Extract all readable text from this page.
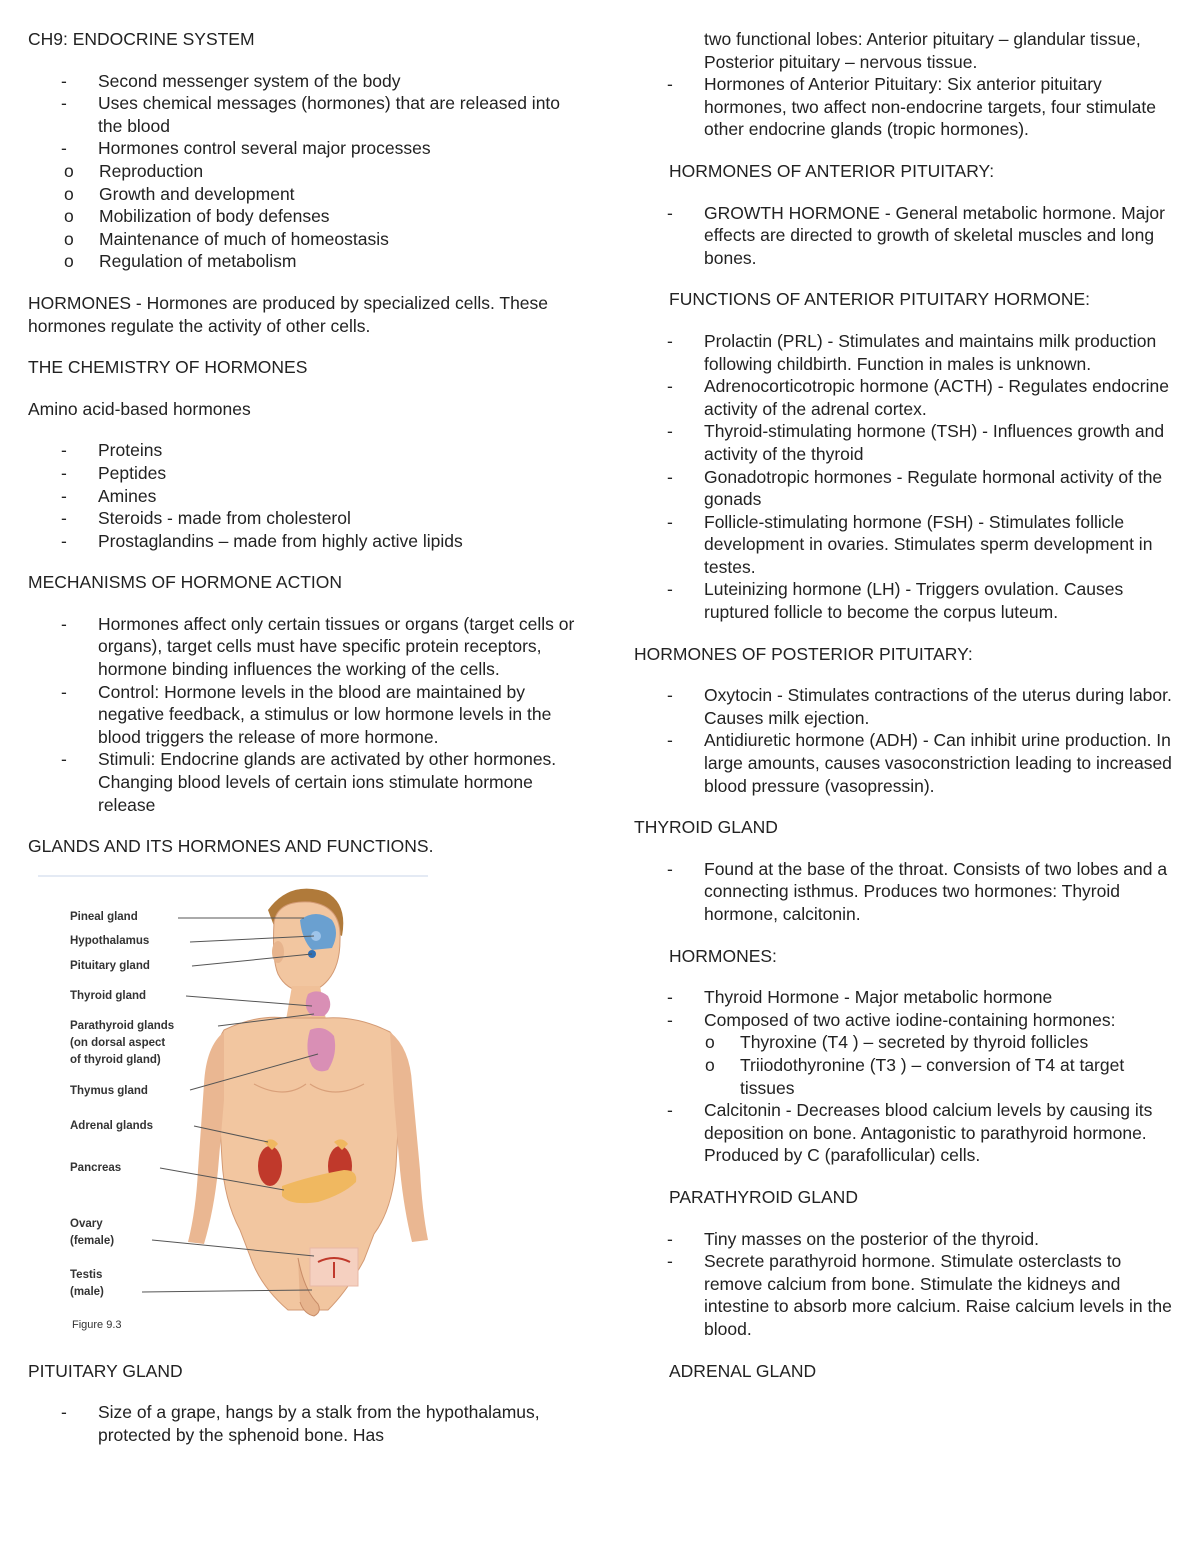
CH9: ENDOCRINE SYSTEM

- Second messenger system of the body
- Uses chemical messages (hormones) that are released into the blood
- Hormones control several major processes
o Reproduction
o Growth and development
o Mobilization of body defenses
o Maintenance of much of homeostasis
o Regulation of metabolism

HORMONES - Hormones are produced by specialized cells. These hormones regulate the activity of other cells.

THE CHEMISTRY OF HORMONES

Amino acid-based hormones

- Proteins
- Peptides
- Amines
- Steroids - made from cholesterol
- Prostaglandins – made from highly active lipids

MECHANISMS OF HORMONE ACTION

- Hormones affect only certain tissues or organs (target cells or organs), target cells must have specific protein receptors, hormone binding influences the working of the cells.
- Control: Hormone levels in the blood are maintained by negative feedback, a stimulus or low hormone levels in the blood triggers the release of more hormone.
- Stimuli: Endocrine glands are activated by other hormones. Changing blood levels of certain ions stimulate hormone release

GLANDS AND ITS HORMONES AND FUNCTIONS.

Pineal gland
Hypothalamus
Pituitary gland
Thyroid gland
Parathyroid glands
(on dorsal aspect
of thyroid gland)
Thymus gland
Adrenal glands
Pancreas
Ovary
(female)
Testis
(male)
Figure 9.3

PITUITARY GLAND

- Size of a grape, hangs by a stalk from the hypothalamus, protected by the sphenoid bone. Has
two functional lobes: Anterior pituitary – glandular tissue, Posterior pituitary – nervous tissue.
- Hormones of Anterior Pituitary: Six anterior pituitary hormones, two affect non-endocrine targets, four stimulate other endocrine glands (tropic hormones).

HORMONES OF ANTERIOR PITUITARY:

- GROWTH HORMONE - General metabolic hormone. Major effects are directed to growth of skeletal muscles and long bones.

FUNCTIONS OF ANTERIOR PITUITARY HORMONE:

- Prolactin (PRL) - Stimulates and maintains milk production following childbirth. Function in males is unknown.
- Adrenocorticotropic hormone (ACTH) - Regulates endocrine activity of the adrenal cortex.
- Thyroid-stimulating hormone (TSH) - Influences growth and activity of the thyroid
- Gonadotropic hormones - Regulate hormonal activity of the gonads
- Follicle-stimulating hormone (FSH) - Stimulates follicle development in ovaries. Stimulates sperm development in testes.
- Luteinizing hormone (LH) - Triggers ovulation. Causes ruptured follicle to become the corpus luteum.

HORMONES OF POSTERIOR PITUITARY:

- Oxytocin - Stimulates contractions of the uterus during labor. Causes milk ejection.
- Antidiuretic hormone (ADH) - Can inhibit urine production. In large amounts, causes vasoconstriction leading to increased blood pressure (vasopressin).

THYROID GLAND

- Found at the base of the throat. Consists of two lobes and a connecting isthmus. Produces two hormones: Thyroid hormone, calcitonin.

HORMONES:

- Thyroid Hormone - Major metabolic hormone
- Composed of two active iodine-containing hormones:
o Thyroxine (T4 ) – secreted by thyroid follicles
o Triiodothyronine (T3 ) – conversion of T4 at target tissues
- Calcitonin - Decreases blood calcium levels by causing its deposition on bone. Antagonistic to parathyroid hormone. Produced by C (parafollicular) cells.

PARATHYROID GLAND

- Tiny masses on the posterior of the thyroid.
- Secrete parathyroid hormone. Stimulate osterclasts to remove calcium from bone. Stimulate the kidneys and intestine to absorb more calcium. Raise calcium levels in the blood.

ADRENAL GLAND
